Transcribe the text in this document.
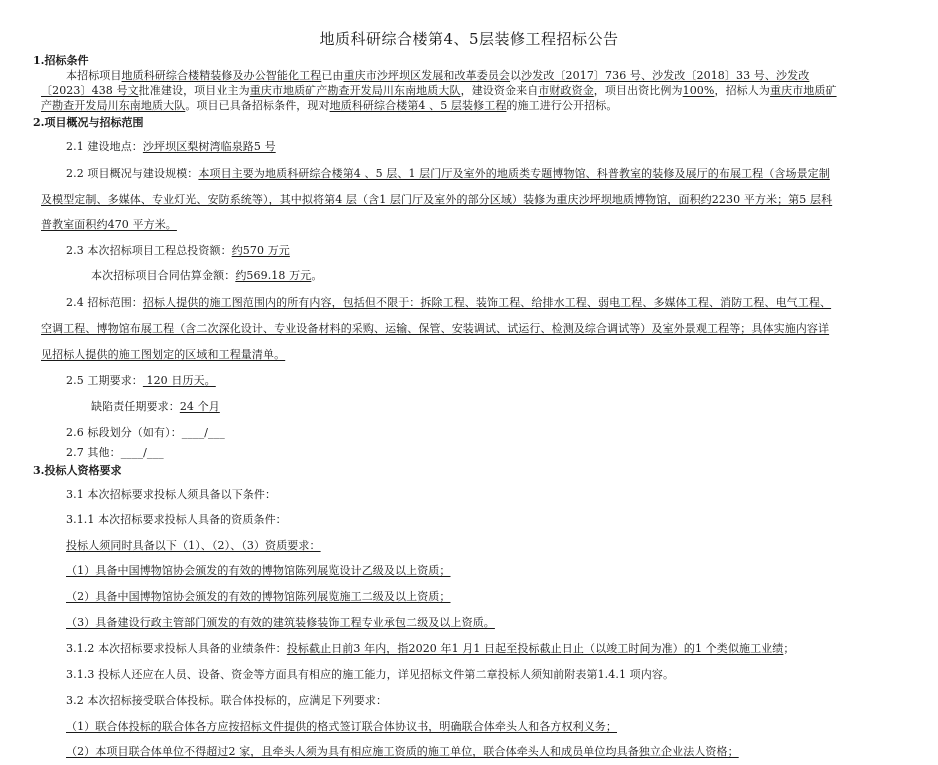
地质科研综合楼第4、5层装修工程招标公告
1.招标条件
本招标项目地质科研综合楼精装修及办公智能化工程已由重庆市沙坪坝区发展和改革委员会以沙发改〔2017〕736 号、沙发改〔2018〕33 号、沙发改
〔2023〕438 号文批准建设，项目业主为重庆市地质矿产勘查开发局川东南地质大队，建设资金来自市财政资金，项目出资比例为100%，招标人为重庆市地质矿
产勘查开发局川东南地质大队。项目已具备招标条件，现对地质科研综合楼第4 、5 层装修工程的施工进行公开招标。
2.项目概况与招标范围
2.1 建设地点：沙坪坝区梨树湾临泉路5 号
2.2 项目概况与建设规模：本项目主要为地质科研综合楼第4 、5 层、1 层门厅及室外的地质类专题博物馆、科普教室的装修及展厅的布展工程（含场景定制
及模型定制、多媒体、专业灯光、安防系统等），其中拟将第4 层（含1 层门厅及室外的部分区域）装修为重庆沙坪坝地质博物馆，面积约2230 平方米；第5 层科
普教室面积约470 平方米。
2.3 本次招标项目工程总投资额：约570 万元
本次招标项目合同估算金额：约569.18 万元。
2.4 招标范围：招标人提供的施工图范围内的所有内容，包括但不限于：拆除工程、装饰工程、给排水工程、弱电工程、多媒体工程、消防工程、电气工程、
空调工程、博物馆布展工程（含二次深化设计、专业设备材料的采购、运输、保管、安装调试、试运行、检测及综合调试等）及室外景观工程等；具体实施内容详
见招标人提供的施工图划定的区域和工程量清单。
2.5 工期要求： 120 日历天。
缺陷责任期要求：24 个月
2.6 标段划分（如有）：____/___
2.7 其他：____/___
3.投标人资格要求
3.1 本次招标要求投标人须具备以下条件：
3.1.1 本次招标要求投标人具备的资质条件：
投标人须同时具备以下（1）、（2）、（3）资质要求：
（1）具备中国博物馆协会颁发的有效的博物馆陈列展览设计乙级及以上资质；
（2）具备中国博物馆协会颁发的有效的博物馆陈列展览施工二级及以上资质；
（3）具备建设行政主管部门颁发的有效的建筑装修装饰工程专业承包二级及以上资质。
3.1.2 本次招标要求投标人具备的业绩条件：投标截止日前3 年内，指2020 年1 月1 日起至投标截止日止（以竣工时间为准）的1 个类似施工业绩；
3.1.3 投标人还应在人员、设备、资金等方面具有相应的施工能力，详见招标文件第二章投标人须知前附表第1.4.1 项内容。
3.2 本次招标接受联合体投标。联合体投标的，应满足下列要求：
（1）联合体投标的联合体各方应按招标文件提供的格式签订联合体协议书，明确联合体牵头人和各方权利义务；
（2）本项目联合体单位不得超过2 家，且牵头人须为具有相应施工资质的施工单位，联合体牵头人和成员单位均具备独立企业法人资格；
